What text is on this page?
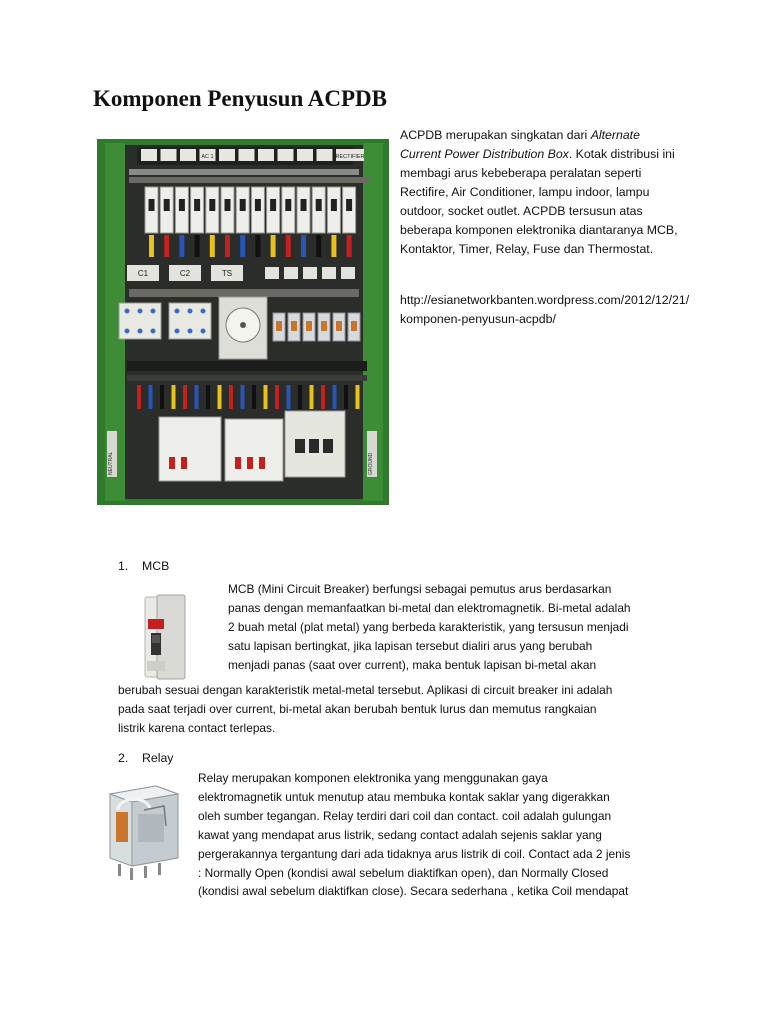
Komponen Penyusun ACPDB
AC 1	RECTIFIER
C1	C2	TS
NEUTRAL	GROUND

ACPDB merupakan singkatan dari Alternate Current Power Distribution Box. Kotak distribusi ini membagi arus kebeberapa peralatan seperti Rectifire, Air Conditioner, lampu indoor, lampu outdoor, socket outlet. ACPDB tersusun atas beberapa komponen elektronika diantaranya MCB, Kontaktor, Timer, Relay, Fuse dan Thermostat.

http://esianetworkbanten.wordpress.com/2012/12/21/komponen-penyusun-acpdb/

1. MCB

MCB (Mini Circuit Breaker) berfungsi sebagai pemutus arus berdasarkan
panas dengan memanfaatkan bi-metal dan elektromagnetik. Bi-metal adalah
2 buah metal (plat metal) yang berbeda karakteristik, yang tersusun menjadi
satu lapisan bertingkat, jika lapisan tersebut dialiri arus yang berubah
menjadi panas (saat over current), maka bentuk lapisan bi-metal akan
berubah sesuai dengan karakteristik metal-metal tersebut. Aplikasi di circuit breaker ini adalah
pada saat terjadi over current, bi-metal akan berubah bentuk lurus dan memutus rangkaian
listrik karena contact terlepas.

2. Relay

Relay merupakan komponen elektronika yang menggunakan gaya
elektromagnetik untuk menutup atau membuka kontak saklar yang digerakkan
oleh sumber tegangan. Relay terdiri dari coil dan contact. coil adalah gulungan
kawat yang mendapat arus listrik, sedang contact adalah sejenis saklar yang
pergerakannya tergantung dari ada tidaknya arus listrik di coil. Contact ada 2 jenis
: Normally Open (kondisi awal sebelum diaktifkan open), dan Normally Closed
(kondisi awal sebelum diaktifkan close). Secara sederhana , ketika Coil mendapat
